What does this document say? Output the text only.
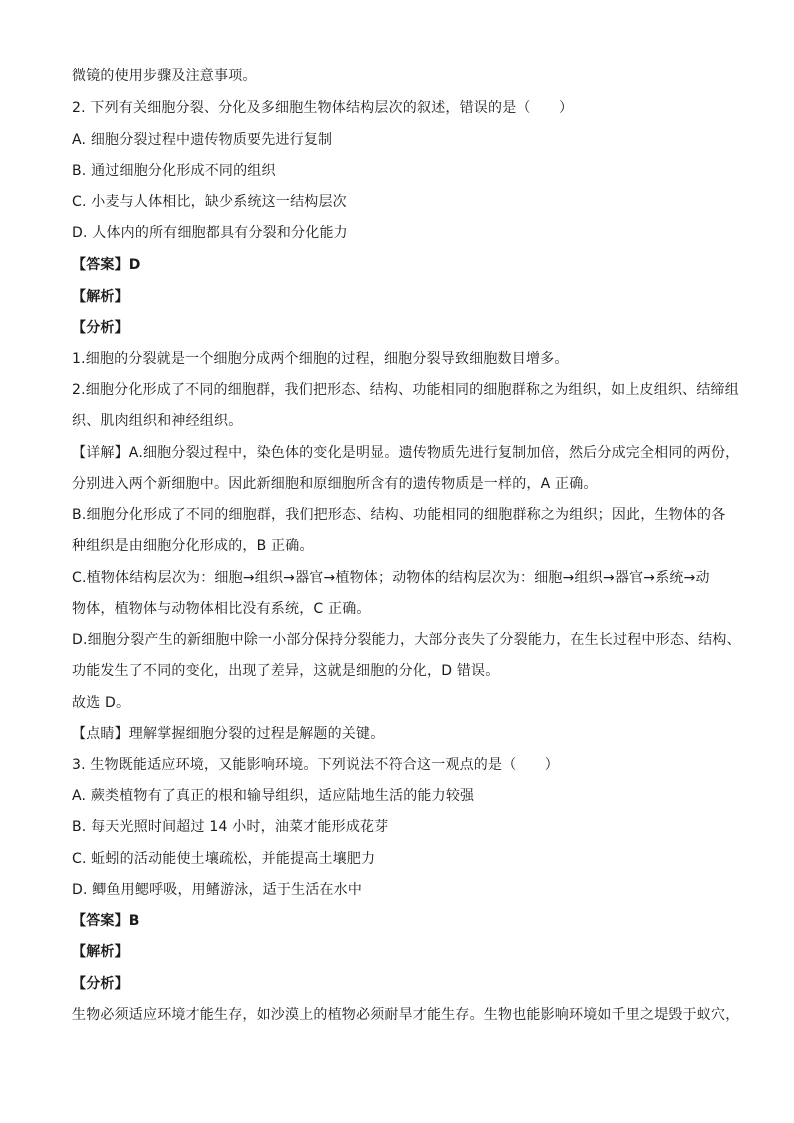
微镜的使用步骤及注意事项。
2. 下列有关细胞分裂、分化及多细胞生物体结构层次的叙述，错误的是（　　）
A. 细胞分裂过程中遗传物质要先进行复制
B. 通过细胞分化形成不同的组织
C. 小麦与人体相比，缺少系统这一结构层次
D. 人体内的所有细胞都具有分裂和分化能力
【答案】D
【解析】
【分析】
1.细胞的分裂就是一个细胞分成两个细胞的过程，细胞分裂导致细胞数目增多。
2.细胞分化形成了不同的细胞群，我们把形态、结构、功能相同的细胞群称之为组织，如上皮组织、结缔组
织、肌肉组织和神经组织。
【详解】A.细胞分裂过程中，染色体的变化是明显。遗传物质先进行复制加倍，然后分成完全相同的两份，
分别进入两个新细胞中。因此新细胞和原细胞所含有的遗传物质是一样的，A 正确。
B.细胞分化形成了不同的细胞群，我们把形态、结构、功能相同的细胞群称之为组织；因此，生物体的各
种组织是由细胞分化形成的，B 正确。
C.植物体结构层次为：细胞→组织→器官→植物体；动物体的结构层次为：细胞→组织→器官→系统→动
物体，植物体与动物体相比没有系统，C 正确。
D.细胞分裂产生的新细胞中除一小部分保持分裂能力，大部分丧失了分裂能力，在生长过程中形态、结构、
功能发生了不同的变化，出现了差异，这就是细胞的分化，D 错误。
故选 D。
【点睛】理解掌握细胞分裂的过程是解题的关键。
3. 生物既能适应环境，又能影响环境。下列说法不符合这一观点的是（　　）
A. 蕨类植物有了真正的根和输导组织，适应陆地生活的能力较强
B. 每天光照时间超过 14 小时，油菜才能形成花芽
C. 蚯蚓的活动能使土壤疏松，并能提高土壤肥力
D. 鲫鱼用鳃呼吸，用鳍游泳，适于生活在水中
【答案】B
【解析】
【分析】
生物必须适应环境才能生存，如沙漠上的植物必须耐旱才能生存。生物也能影响环境如千里之堤毁于蚁穴，
